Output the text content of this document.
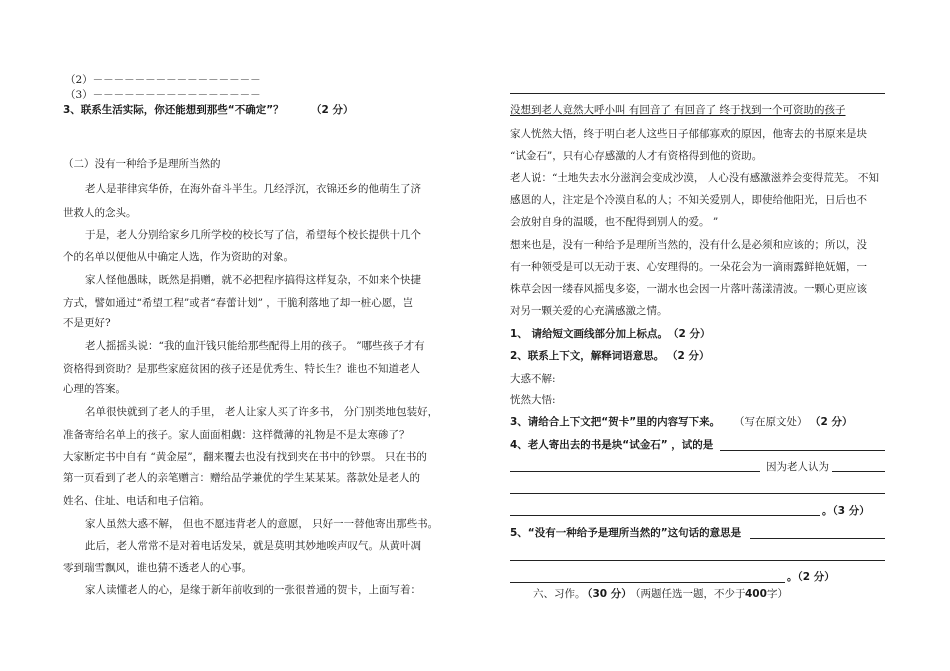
（2）－－－－－－－－－－－－－－－－
（3）－－－－－－－－－－－－－－－－
3、联系生活实际，你还能想到那些“不确定”？	（2 分）
（二）没有一种给予是理所当然的
老人是菲律宾华侨，在海外奋斗半生。几经浮沉，衣锦还乡的他萌生了济
世救人的念头。
于是，老人分别给家乡几所学校的校长写了信，希望每个校长提供十几个
个的名单以便他从中确定人选，作为资助的对象。
家人怪他愚昧，既然是捐赠，就不必把程序搞得这样复杂，不如来个快捷
方式，譬如通过“希望工程”或者“春蕾计划” ，干脆利落地了却一桩心愿，岂
不是更好?
老人摇摇头说：“我的血汗钱只能给那些配得上用的孩子。 ”哪些孩子才有
资格得到资助？是那些家庭贫困的孩子还是优秀生、特长生？谁也不知道老人
心理的答案。
名单很快就到了老人的手里， 老人让家人买了许多书， 分门别类地包装好，
准备寄给名单上的孩子。家人面面相觑：这样微薄的礼物是不是太寒碜了？
大家断定书中自有 “黄金屋”，翻来覆去也没有找到夹在书中的钞票。 只在书的
第一页看到了老人的亲笔赠言：赠给品学兼优的学生某某某。落款处是老人的
姓名、住址、电话和电子信箱。
家人虽然大惑不解， 但也不愿违背老人的意愿， 只好一一替他寄出那些书。
此后，老人常常不是对着电话发呆，就是莫明其妙地唉声叹气。从黄叶凋
零到瑞雪飘风，谁也猜不透老人的心事。
家人读懂老人的心，是缘于新年前收到的一张很普通的贺卡，上面写着：
没想到老人竟然大呼小叫 有回音了 有回音了 终于找到一个可资助的孩子
家人恍然大悟，终于明白老人这些日子郁郁寡欢的原因，他寄去的书原来是块
“试金石”，只有心存感激的人才有资格得到他的资助。
老人说：“土地失去水分滋润会变成沙漠， 人心没有感激滋养会变得荒芜。 不知
感恩的人，注定是个冷漠自私的人；不知关爱别人，即使给他阳光，日后也不
会放射自身的温暖，也不配得到别人的爱。 ”
想来也是，没有一种给予是理所当然的，没有什么是必须和应该的；所以，没
有一种领受是可以无动于衷、心安理得的。一朵花会为一滴雨露鲜艳妩媚，一
株草会因一缕春风摇曳多姿，一湖水也会因一片落叶荡漾清波。一颗心更应该
对另一颗关爱的心充满感激之情。
1、 请给短文画线部分加上标点。 （2 分）
2、联系上下文，解释词语意思。 （2 分）
大惑不解:
恍然大悟:
3、请给合上下文把“贺卡”里的内容写下来。 （写在原文处） （2 分）
4、老人寄出去的书是块“试金石” ，试的是
因为老人认为
。（3 分）
5、“没有一种给予是理所当然的”这句话的意思是
。（2 分）
六、习作。
（30 分）
（两题任选一题，不少于 400 字）
